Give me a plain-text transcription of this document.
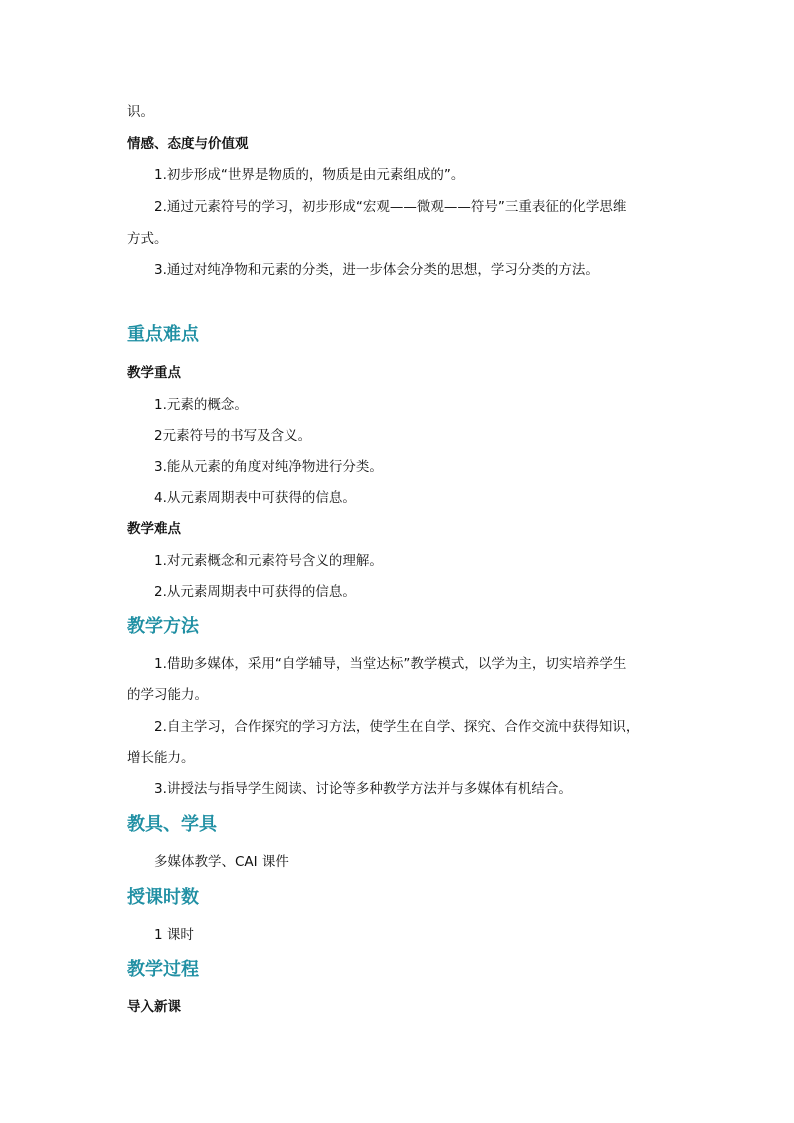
识。
情感、态度与价值观
1.初步形成“世界是物质的，物质是由元素组成的”。
2.通过元素符号的学习，初步形成“宏观——微观——符号”三重表征的化学思维
方式。
3.通过对纯净物和元素的分类，进一步体会分类的思想，学习分类的方法。
重点难点
教学重点
1.元素的概念。
2元素符号的书写及含义。
3.能从元素的角度对纯净物进行分类。
4.从元素周期表中可获得的信息。
教学难点
1.对元素概念和元素符号含义的理解。
2.从元素周期表中可获得的信息。
教学方法
1.借助多媒体，采用“自学辅导，当堂达标”教学模式，以学为主，切实培养学生
的学习能力。
2.自主学习，合作探究的学习方法，使学生在自学、探究、合作交流中获得知识，
增长能力。
3.讲授法与指导学生阅读、讨论等多种教学方法并与多媒体有机结合。
教具、学具
多媒体教学、CAI 课件
授课时数
1 课时
教学过程
导入新课
